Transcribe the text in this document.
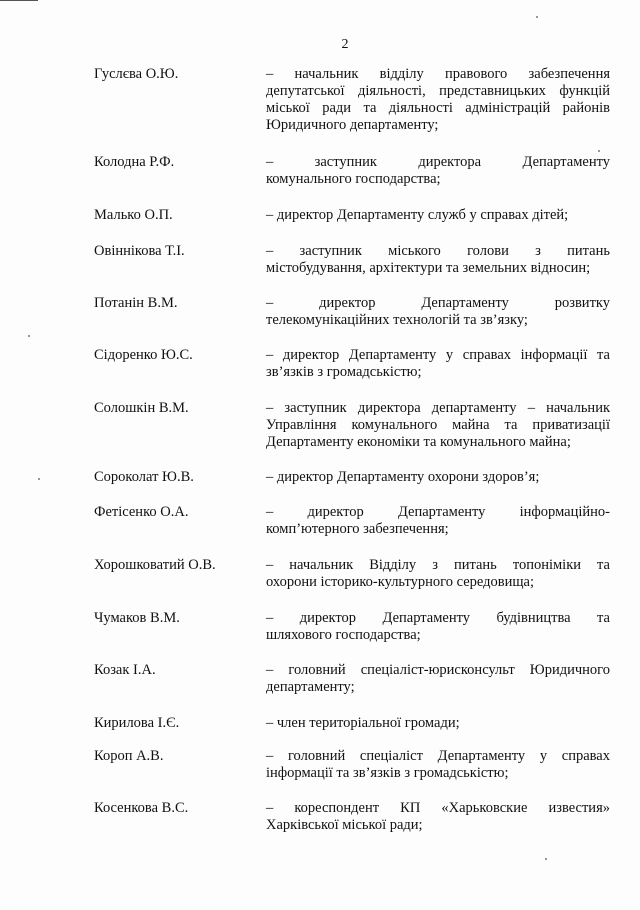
2
Гуслєва О.Ю.	– начальник відділу правового забезпечення
депутатської діяльності, представницьких функцій
міської ради та діяльності адміністрацій районів
Юридичного департаменту;
Колодна Р.Ф.	– заступник директора Департаменту
комунального господарства;
Малько О.П.	– директор Департаменту служб у справах дітей;
Овіннікова Т.І.	– заступник міського голови з питань
містобудування, архітектури та земельних відносин;
Потанін В.М.	– директор Департаменту розвитку
телекомунікаційних технологій та зв’язку;
Сідоренко Ю.С.	– директор Департаменту у справах інформації та
зв’язків з громадськістю;
Солошкін В.М.	– заступник директора департаменту – начальник
Управління комунального майна та приватизації
Департаменту економіки та комунального майна;
Сороколат Ю.В.	– директор Департаменту охорони здоров’я;
Фетісенко О.А.	– директор Департаменту інформаційно-
комп’ютерного забезпечення;
Хорошковатий О.В.	– начальник Відділу з питань топоніміки та
охорони історико-культурного середовища;
Чумаков В.М.	– директор Департаменту будівництва та
шляхового господарства;
Козак І.А.	– головний спеціаліст-юрисконсульт Юридичного
департаменту;
Кирилова І.Є.	– член територіальної громади;
Короп А.В.	– головний спеціаліст Департаменту у справах
інформації та зв’язків з громадськістю;
Косенкова В.С.	– кореспондент КП «Харьковские известия»
Харківської міської ради;
